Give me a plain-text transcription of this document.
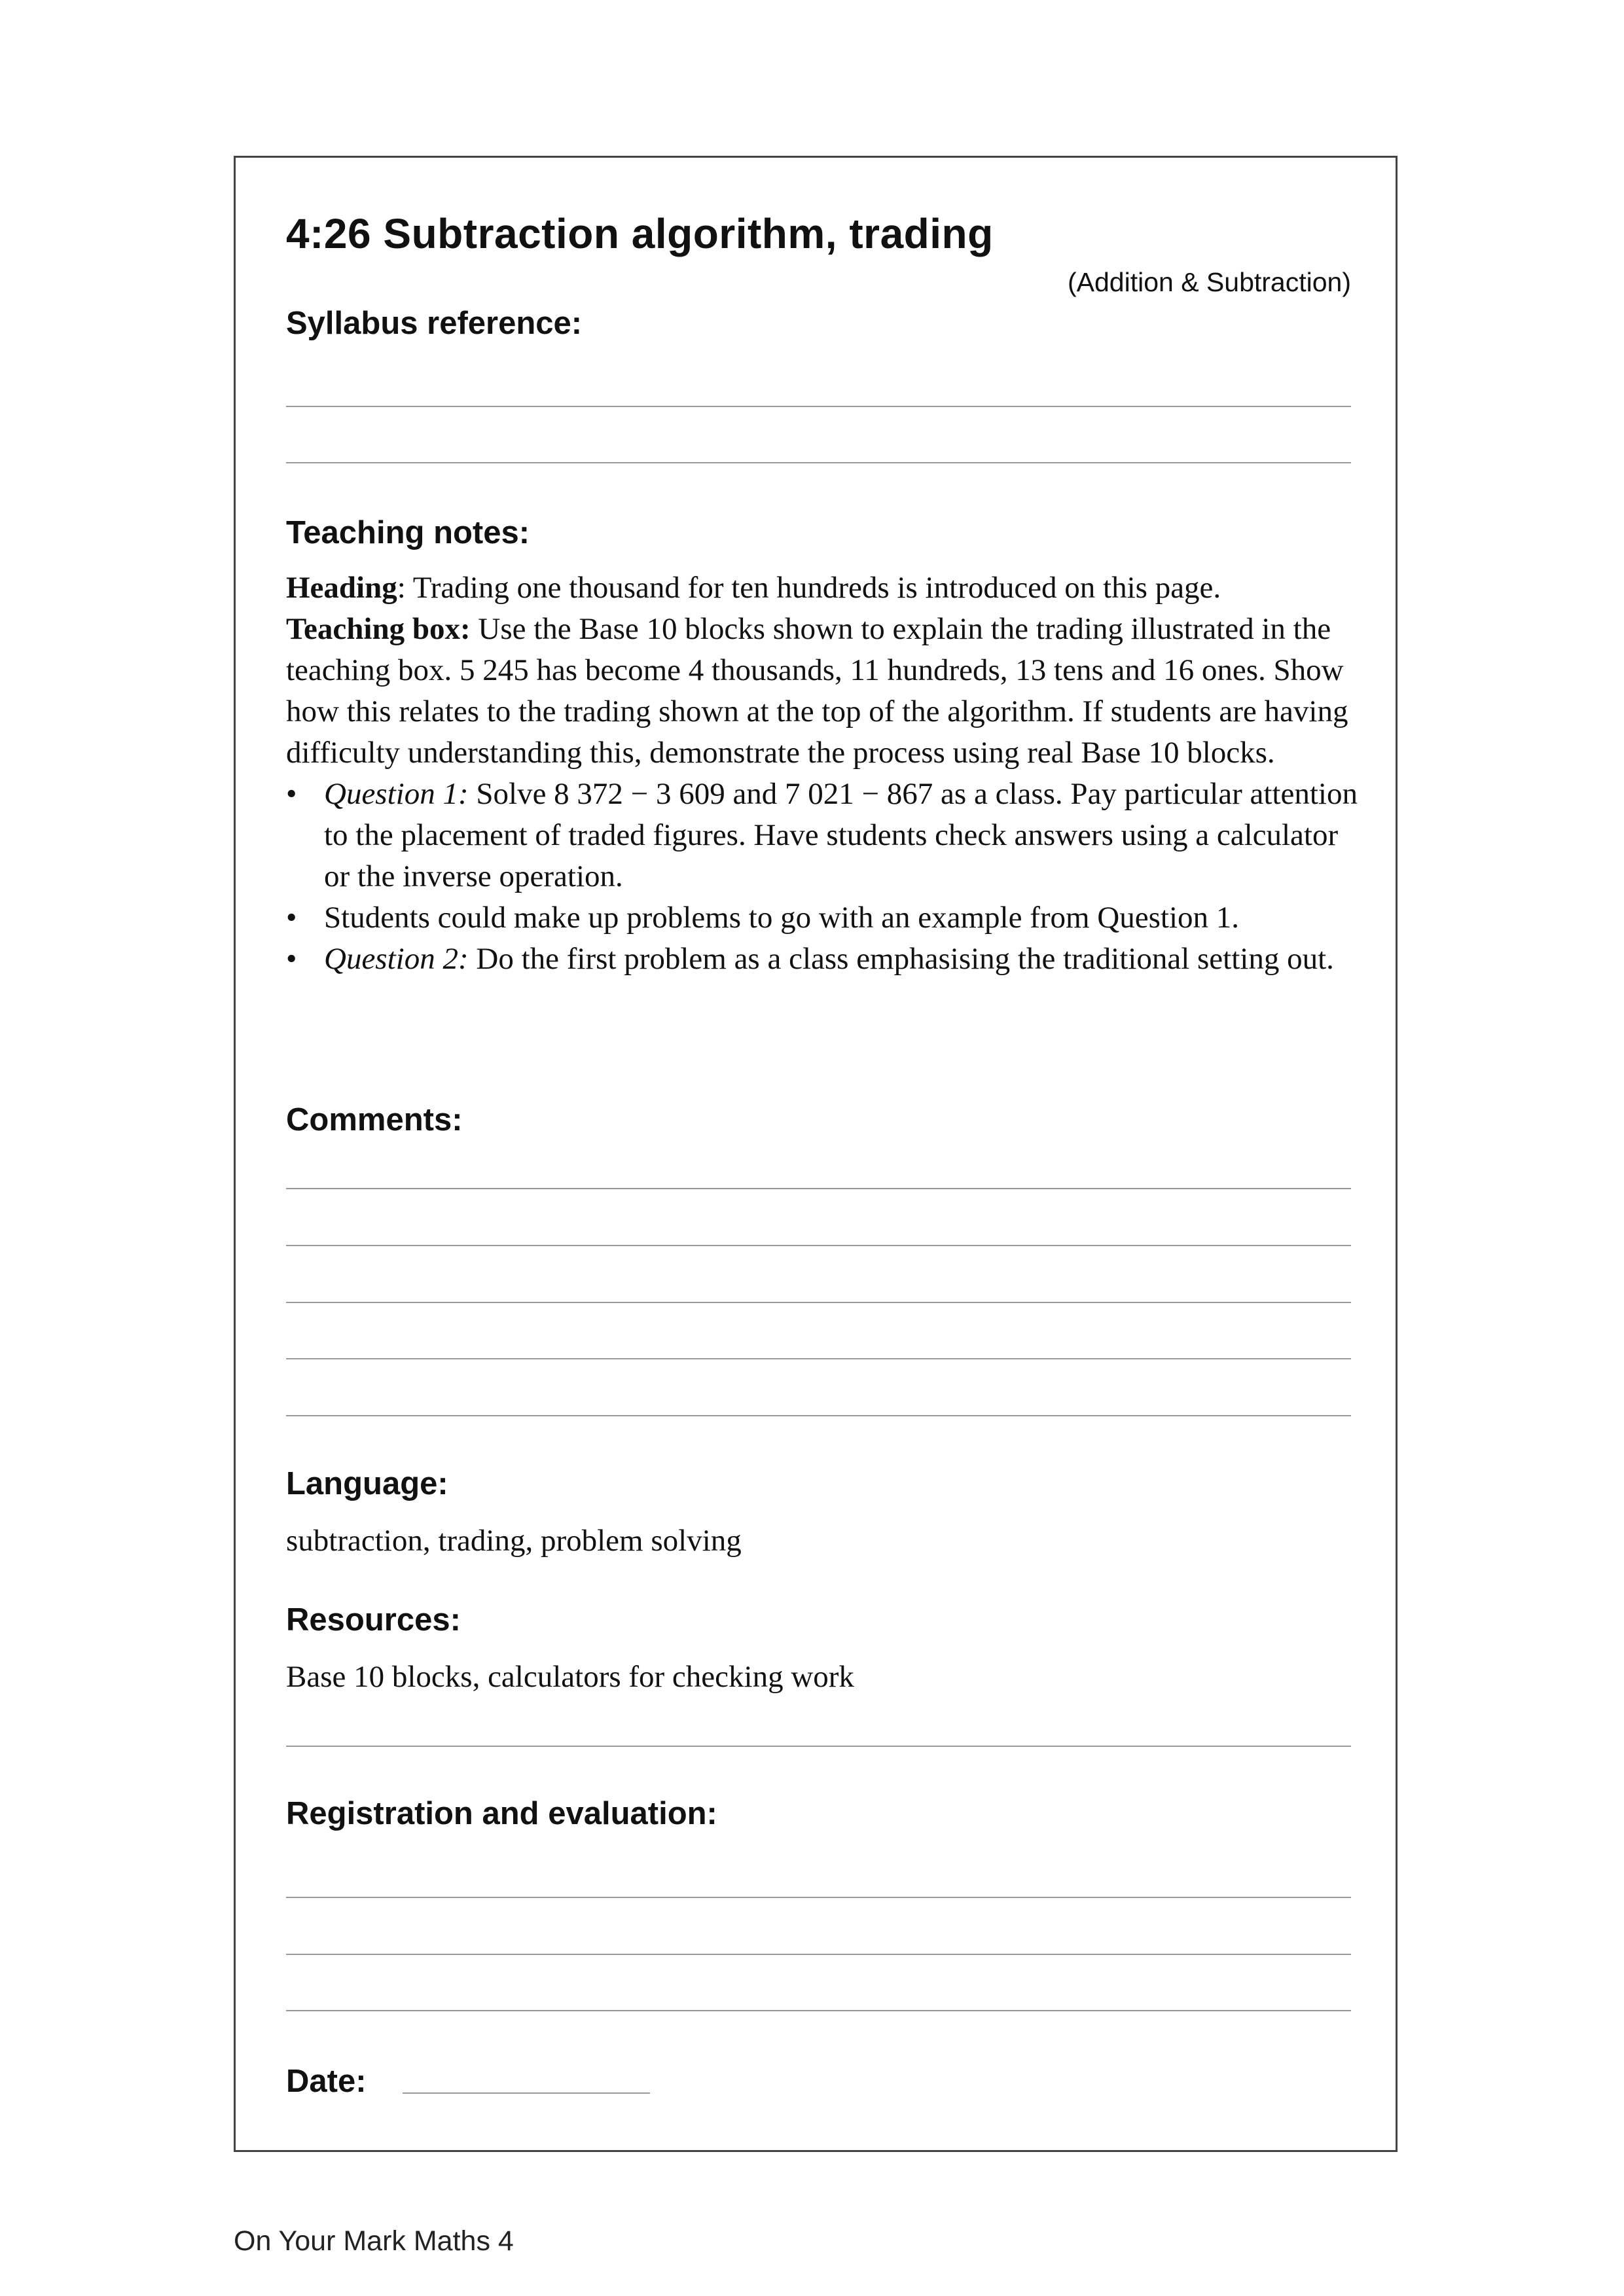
4:26 Subtraction algorithm, trading
(Addition & Subtraction)
Syllabus reference:
Teaching notes:

Heading: Trading one thousand for ten hundreds is introduced on this page.

Teaching box: Use the Base 10 blocks shown to explain the trading illustrated in the teaching box. 5 245 has become 4 thousands, 11 hundreds, 13 tens and 16 ones. Show how this relates to the trading shown at the top of the algorithm. If students are having difficulty understanding this, demonstrate the process using real Base 10 blocks.

• Question 1: Solve 8 372 − 3 609 and 7 021 − 867 as a class. Pay particular attention to the placement of traded figures. Have students check answers using a calculator or the inverse operation.
• Students could make up problems to go with an example from Question 1.
• Question 2: Do the first problem as a class emphasising the traditional setting out.
Comments:
Language:
subtraction, trading, problem solving
Resources:
Base 10 blocks, calculators for checking work
Registration and evaluation:
Date:
On Your Mark Maths 4
